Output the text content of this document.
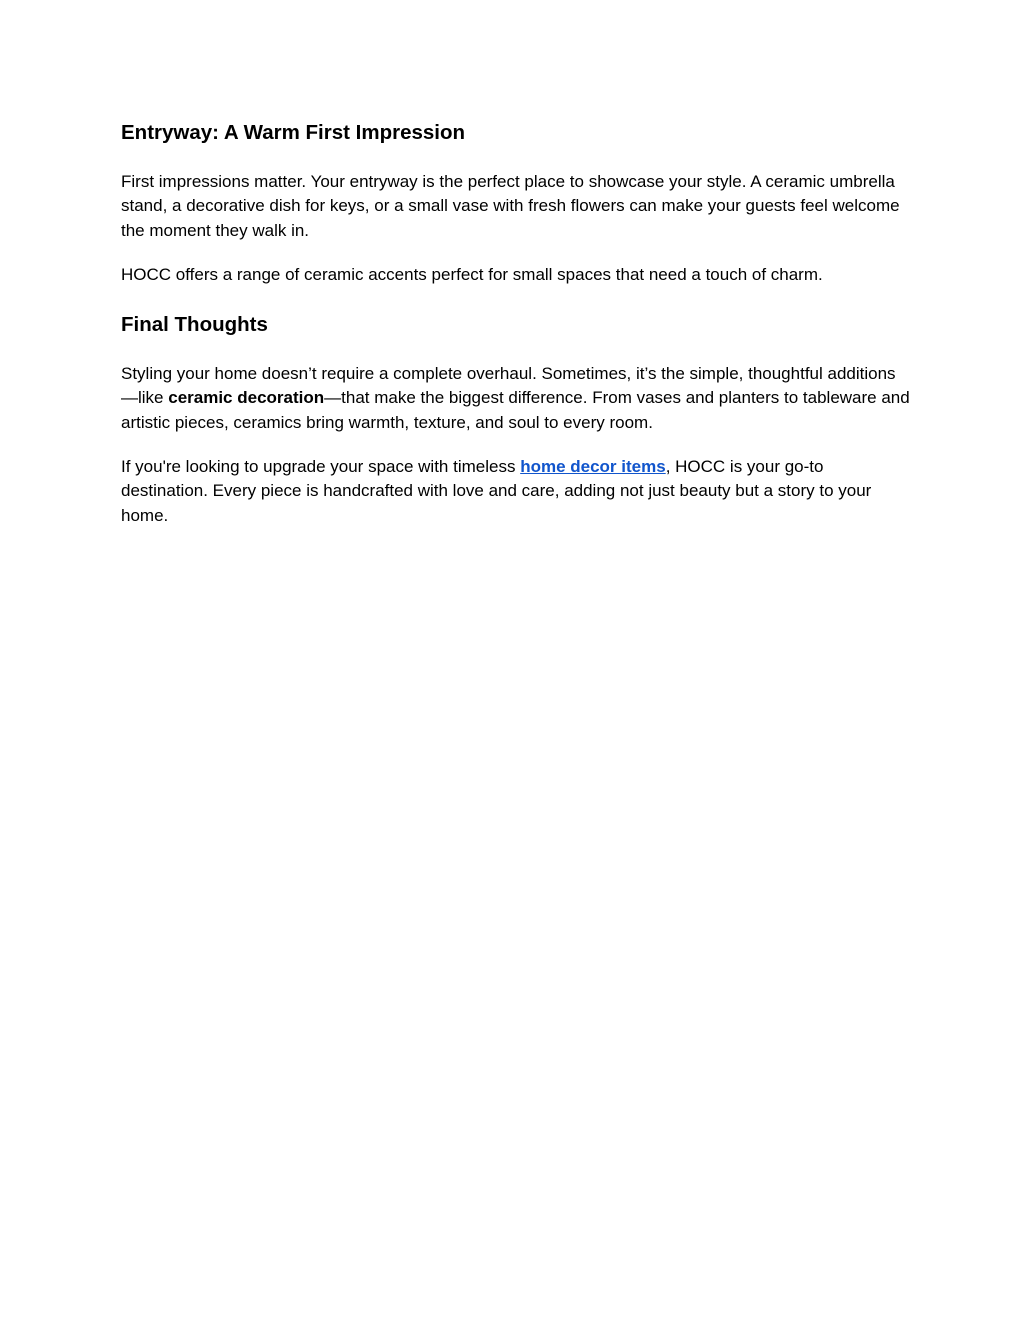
Entryway: A Warm First Impression

First impressions matter. Your entryway is the perfect place to showcase your style. A ceramic umbrella stand, a decorative dish for keys, or a small vase with fresh flowers can make your guests feel welcome the moment they walk in.

HOCC offers a range of ceramic accents perfect for small spaces that need a touch of charm.

Final Thoughts

Styling your home doesn’t require a complete overhaul. Sometimes, it’s the simple, thoughtful additions—like ceramic decoration—that make the biggest difference. From vases and planters to tableware and artistic pieces, ceramics bring warmth, texture, and soul to every room.

If you're looking to upgrade your space with timeless home decor items, HOCC is your go-to destination. Every piece is handcrafted with love and care, adding not just beauty but a story to your home.
